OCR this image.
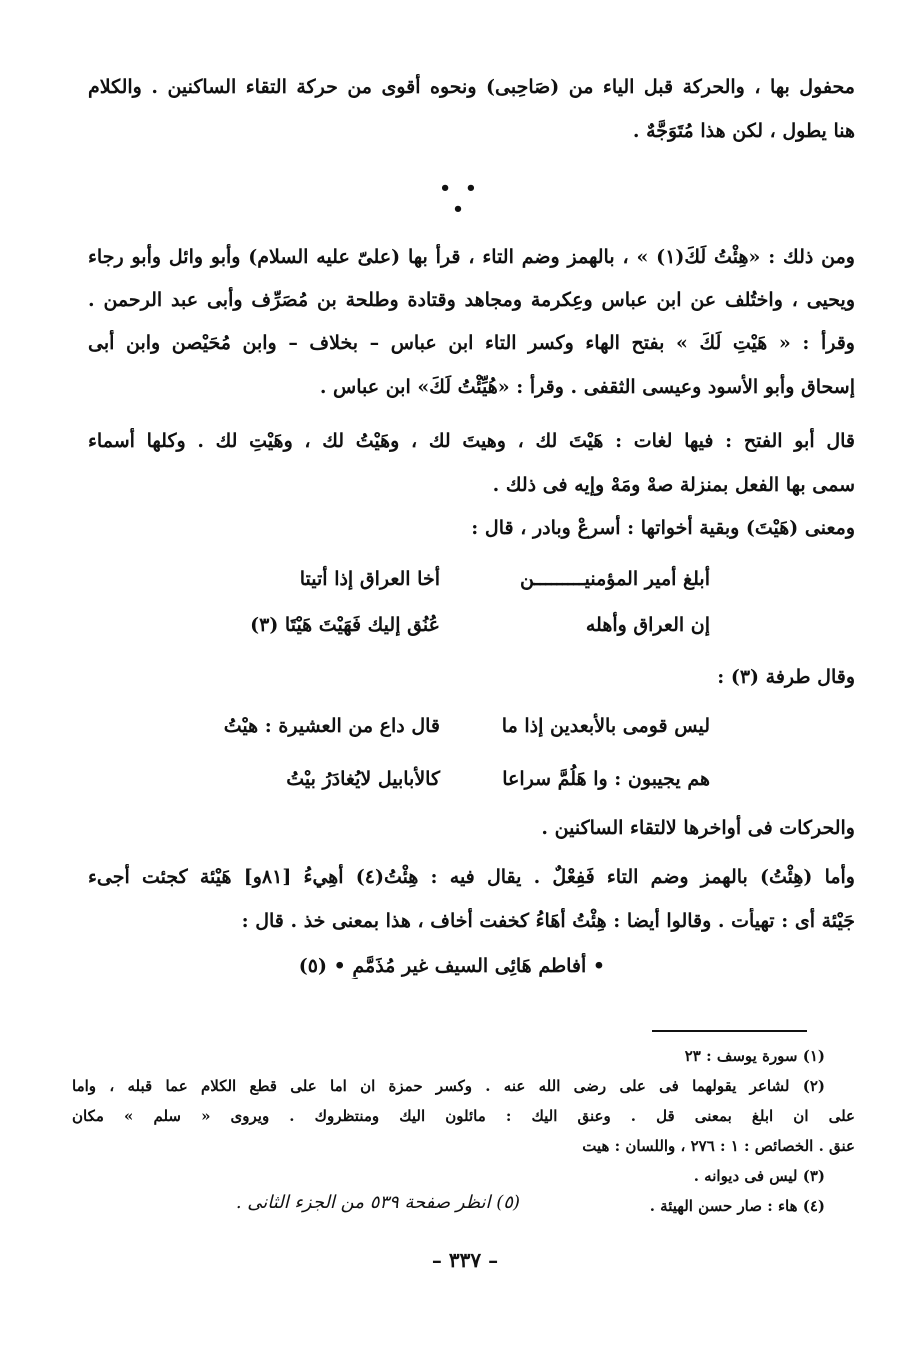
محفول بها ، والحركة قبل الياء من (صَاحِبى) ونحوه أقوى من حركة التقاء الساكنين . والكلام
هنا يطول ، لكن هذا مُتَوَجَّهٌ .
• • •
ومن ذلك : «هِئْتُ لَكَ(١) » ، بالهمز وضم التاء ، قرأ بها (علىّ عليه السلام) وأبو وائل وأبو رجاء
ويحيى ، واختُلف عن ابن عباس وعِكرمة ومجاهد وقتادة وطلحة بن مُصَرِّف وأبى عبد الرحمن .
وقرأ : « هَيْتِ لَكَ » بفتح الهاء وكسر التاء ابن عباس – بخلاف – وابن مُحَيْصن وابن أبى
إسحاق وأبو الأسود وعيسى الثقفى . وقرأ : «هُيِّئْتُ لَكَ» ابن عباس .
قال أبو الفتح : فيها لغات : هَيْتَ لك ، وهيتَ لك ، وهَيْتُ لك ، وهَيْتِ لك . وكلها أسماء
سمى بها الفعل بمنزلة صهْ ومَهْ وإيه فى ذلك .
ومعنى (هَيْتَ) وبقية أخواتها : أسرعْ وبادر ، قال :
أبلغ أمير المؤمنيـــــــــن
أخا العراق إذا أتيتا
إن العراق وأهله
عُنُق إليك فَهَيْتَ هَيْتَا (٣)
وقال طرفة (٣) :
ليس قومى بالأبعدين إذا ما
قال داع من العشيرة : هيْتُ
هم يجيبون : وا هَلُمَّ سراعا
كالأبابيل لايُغادَرُ بيْتُ
والحركات فى أواخرها لالتقاء الساكنين .
وأما (هِئْتُ) بالهمز وضم التاء فَفِعْلٌ . يقال فيه : هِئْتُ(٤) أهِيءُ [٨١و] هَيْئة كجئت أجىء
جَيْئة أى : تهيأت . وقالوا أيضا : هِئْتُ أهَاءُ كخفت أخاف ، هذا بمعنى خذ . قال :
• أفاطم هَائِى السيف غير مُذَمَّمِ • (٥)
(١) سورة يوسف : ٢٣
(٢) لشاعر يقولهما فى على رضى الله عنه . وكسر حمزة ان اما على قطع الكلام عما قبله ، واما
على ان ابلغ بمعنى قل . وعنق اليك : مائلون اليك ومنتظروك . ويروى « سلم » مكان
عنق . الخصائص : ١ : ٢٧٦ ، واللسان : هيت
(٣) ليس فى ديوانه .
(٤) هاء : صار حسن الهيئة .
(٥) انظر صفحة ٥٣٩ من الجزء الثانى .
– ٣٣٧ –
